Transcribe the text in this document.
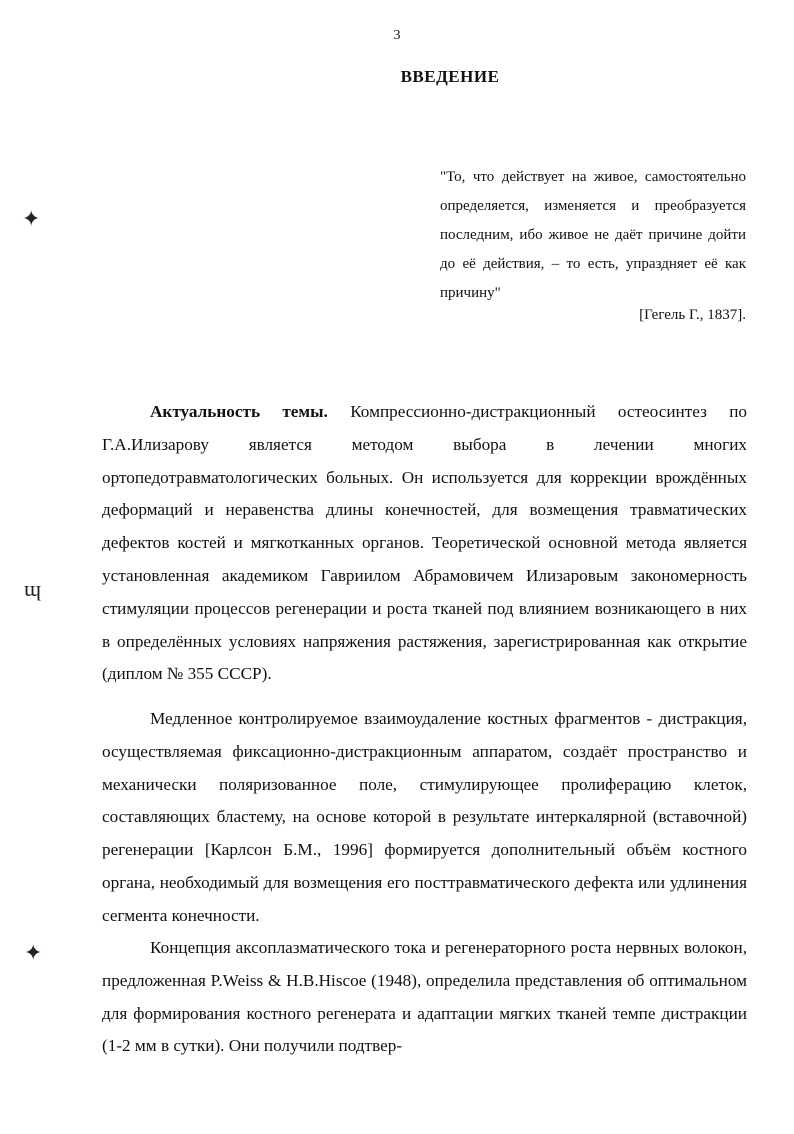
3
ВВЕДЕНИЕ
"То, что действует на живое, самостоятельно определяется, изменяется и преобразуется последним, ибо живое не даёт причине дойти до её действия, – то есть, упраздняет её как причину"
[Гегель Г., 1837].
Актуальность темы. Компрессионно-дистракционный остеосинтез по Г.А.Илизарову является методом выбора в лечении многих ортопедотравматологических больных. Он используется для коррекции врождённых деформаций и неравенства длины конечностей, для возмещения травматических дефектов костей и мягкотканных органов. Теоретической основной метода является установленная академиком Гавриилом Абрамовичем Илизаровым закономерность стимуляции процессов регенерации и роста тканей под влиянием возникающего в них в определённых условиях напряжения растяжения, зарегистрированная как открытие (диплом № 355 СССР).
Медленное контролируемое взаимоудаление костных фрагментов - дистракция, осуществляемая фиксационно-дистракционным аппаратом, создаёт пространство и механически поляризованное поле, стимулирующее пролиферацию клеток, составляющих бластему, на основе которой в результате интеркалярной (вставочной) регенерации [Карлсон Б.М., 1996] формируется дополнительный объём костного органа, необходимый для возмещения его посттравматического дефекта или удлинения сегмента конечности.
Концепция аксоплазматического тока и регенераторного роста нервных волокон, предложенная P.Weiss & H.B.Hiscoe (1948), определила представления об оптимальном для формирования костного регенерата и адаптации мягких тканей темпе дистракции (1-2 мм в сутки). Они получили подтвер-
✦
ɰ
✦
